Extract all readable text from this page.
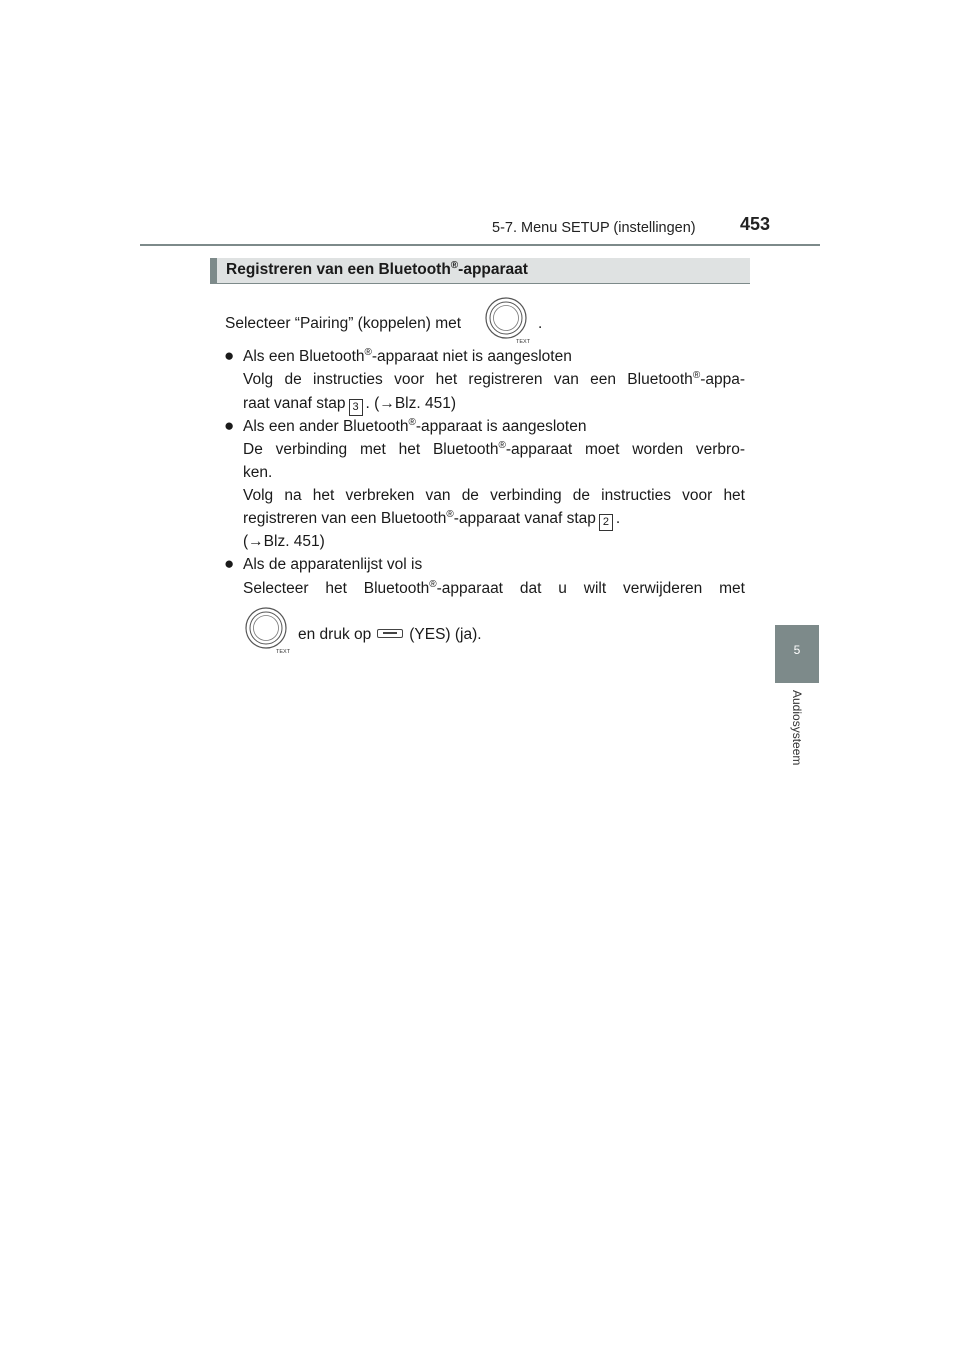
5-7. Menu SETUP (instellingen) 453
5
Audiosysteem
Registreren van een Bluetooth®-apparaat
Selecteer “Pairing” (koppelen) met
TEXT
.
● Als een Bluetooth®-apparaat niet is aangesloten
Volg de instructies voor het registreren van een Bluetooth®-appa-
raat vanaf stap 3 . (→Blz. 451)
● Als een ander Bluetooth®-apparaat is aangesloten
De verbinding met het Bluetooth®-apparaat moet worden verbro-
ken.
Volg na het verbreken van de verbinding de instructies voor het
registreren van een Bluetooth®-apparaat vanaf stap 2 .
(→Blz. 451)
● Als de apparatenlijst vol is
Selecteer het Bluetooth®-apparaat dat u wilt verwijderen met
TEXT
en druk op (YES) (ja).
